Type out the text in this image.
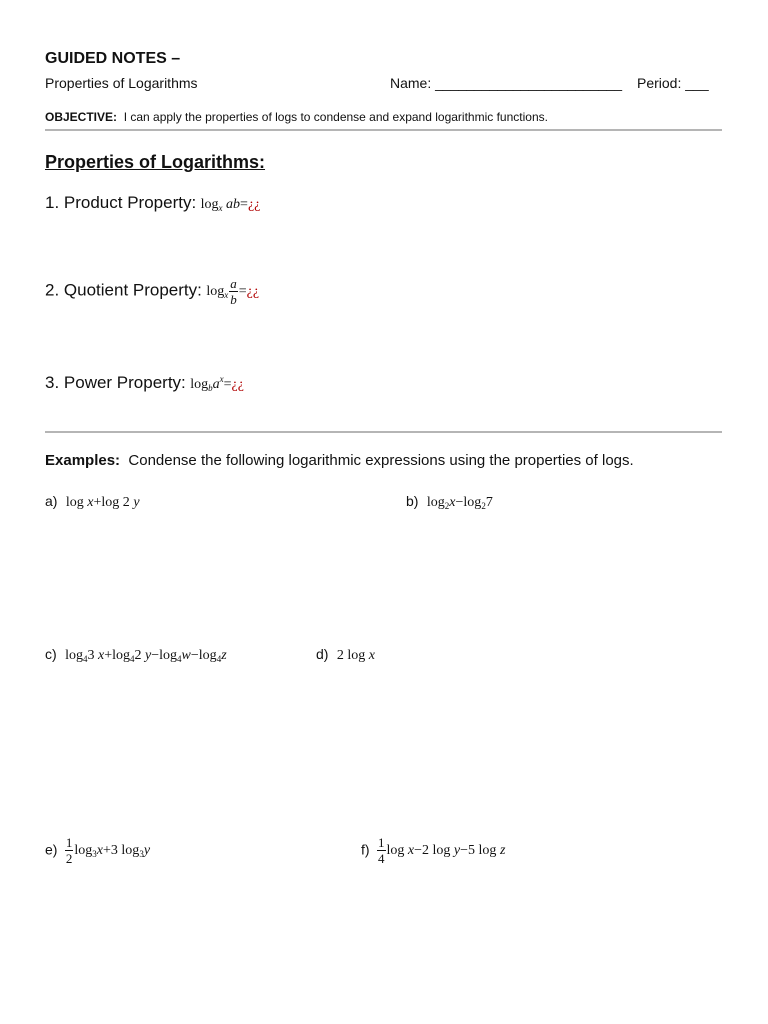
GUIDED NOTES –
Properties of Logarithms	Name: ________________________ Period: ___
OBJECTIVE: I can apply the properties of logs to condense and expand logarithmic functions.
Properties of Logarithms:
1. Product Property: $\log_x$ ab=¿¿
2. Quotient Property: $\log_x \frac{a}{b}$ =¿¿
3. Power Property: $\log_ba^x=¿¿$
Examples: Condense the following logarithmic expressions using the properties of logs.
a) log x+log 2 y	b) $\log_2x-\log_27$
c) $\log_43$ $x+\log_42$ $y-\log_4w-\log_4z$	d) 2 log x
$e) \frac{1}{2} \log_3x+3$ $\log_3y$	$f) \frac{1}{4}$ log x−2 log y−5 log z
